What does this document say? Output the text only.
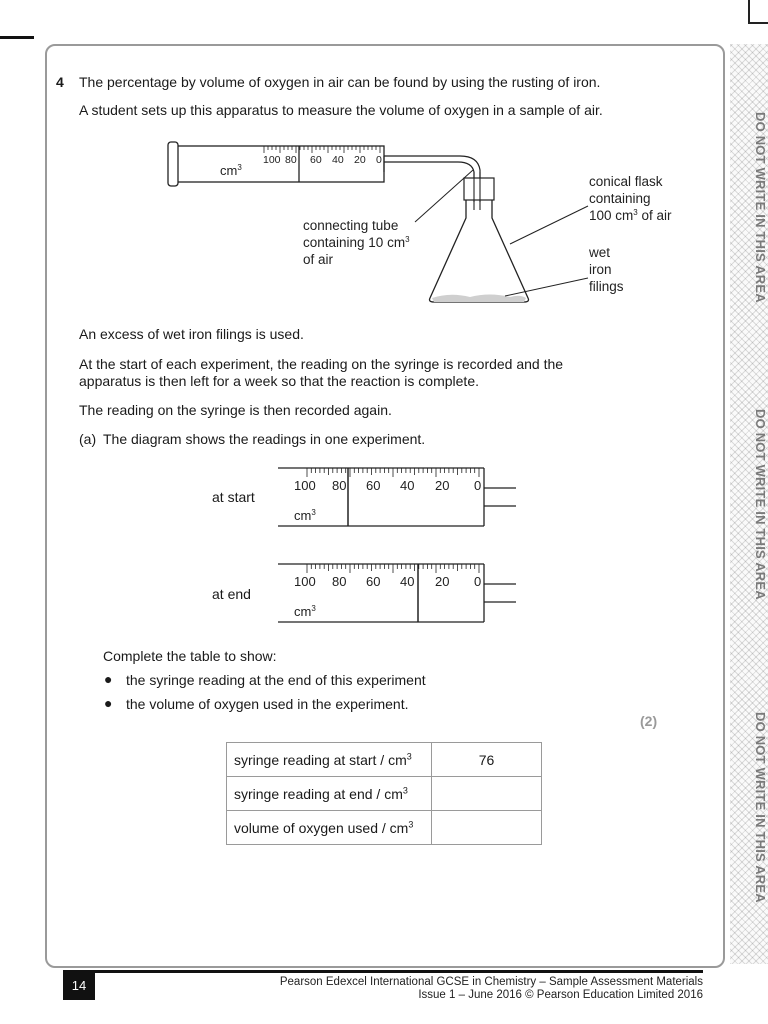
DO NOT WRITE IN THIS AREA
DO NOT WRITE IN THIS AREA
DO NOT WRITE IN THIS AREA
4 The percentage by volume of oxygen in air can be found by using the rusting of iron.
A student sets up this apparatus to measure the volume of oxygen in a sample of air.
100 80 60 40 20 0
$cm^3$
connecting tube
containing 10 $cm^3$
of air
conical flask
containing
100 $cm^3$ of air
wet
iron
filings
An excess of wet iron filings is used.
At the start of each experiment, the reading on the syringe is recorded and the
apparatus is then left for a week so that the reaction is complete.
The reading on the syringe is then recorded again.
(a) The diagram shows the readings in one experiment.
at start
at end
100 80 60 40 20 0
$cm^3$
100 80 60 40 20 0
$cm^3$
Complete the table to show:
● the syringe reading at the end of this experiment
● the volume of oxygen used in the experiment.
(2)
syringe reading at start / $cm^3$	76
syringe reading at end / $cm^3$	
volume of oxygen used / $cm^3$	
14	Pearson Edexcel International GCSE in Chemistry – Sample Assessment Materials
Issue 1 – June 2016 © Pearson Education Limited 2016
